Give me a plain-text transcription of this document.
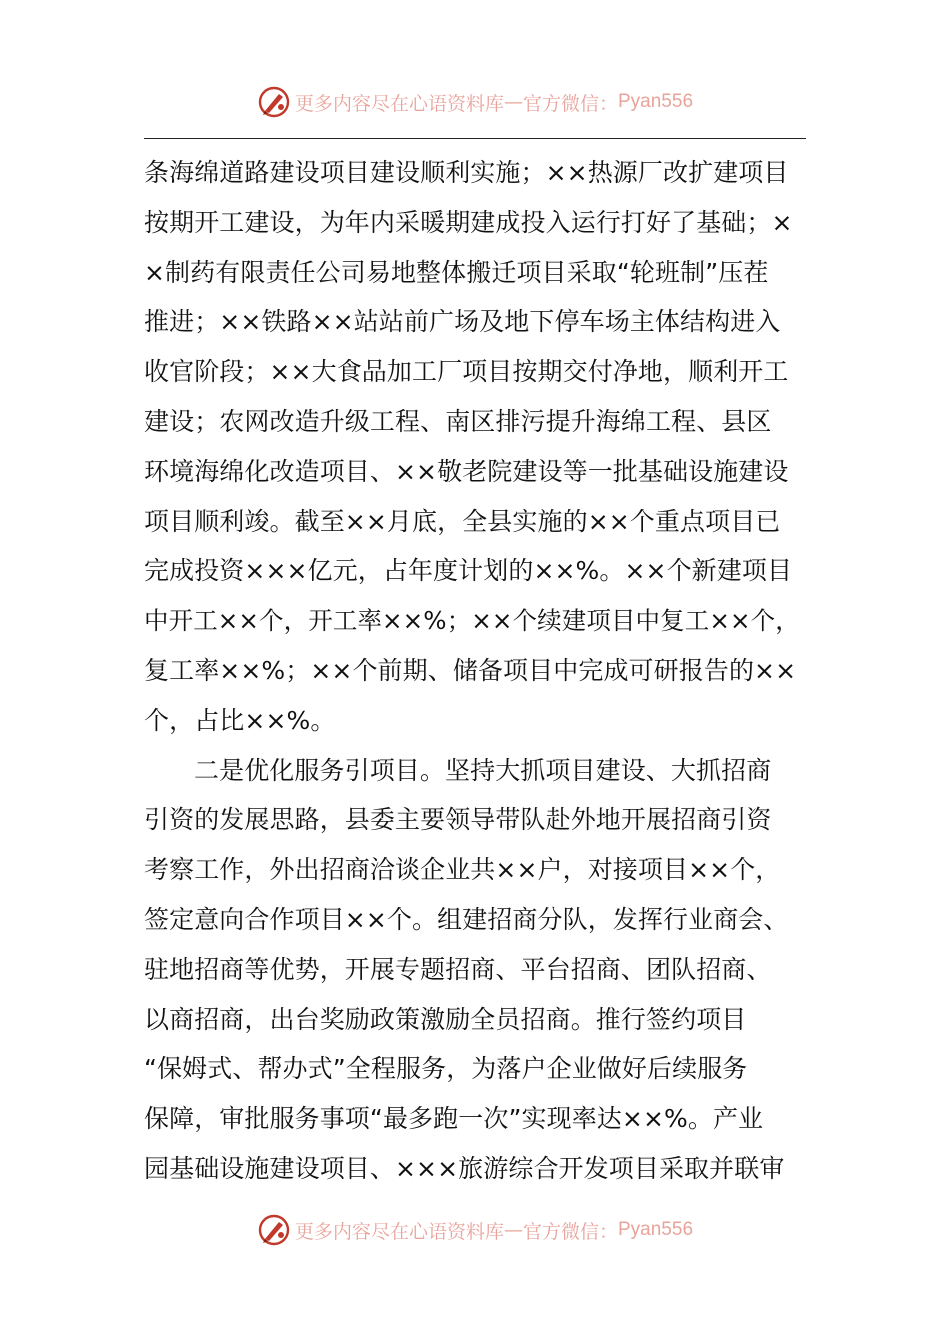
更多内容尽在心语资料库 — 官方微信： Pyan556
条海绵道路建设项目建设顺利实施；××热源厂改扩建项目
按期开工建设，为年内采暖期建成投入运行打好了基础；×
×制药有限责任公司易地整体搬迁项目采取“轮班制”压茬
推进；××铁路××站站前广场及地下停车场主体结构进入
收官阶段；××大食品加工厂项目按期交付净地，顺利开工
建设；农网改造升级工程、南区排污提升海绵工程、县区
环境海绵化改造项目、××敬老院建设等一批基础设施建设
项目顺利竣。截至××月底，全县实施的××个重点项目已
完成投资×××亿元，占年度计划的××%。××个新建项目
中开工××个，开工率××%；××个续建项目中复工××个，
复工率××%；××个前期、储备项目中完成可研报告的××
个，占比××%。
二是优化服务引项目。坚持大抓项目建设、大抓招商
引资的发展思路，县委主要领导带队赴外地开展招商引资
考察工作，外出招商洽谈企业共××户，对接项目××个，
签定意向合作项目××个。组建招商分队，发挥行业商会、
驻地招商等优势，开展专题招商、平台招商、团队招商、
以商招商，出台奖励政策激励全员招商。推行签约项目
“保姆式、帮办式”全程服务，为落户企业做好后续服务
保障，审批服务事项“最多跑一次”实现率达××%。产业
园基础设施建设项目、×××旅游综合开发项目采取并联审
更多内容尽在心语资料库 — 官方微信： Pyan556
